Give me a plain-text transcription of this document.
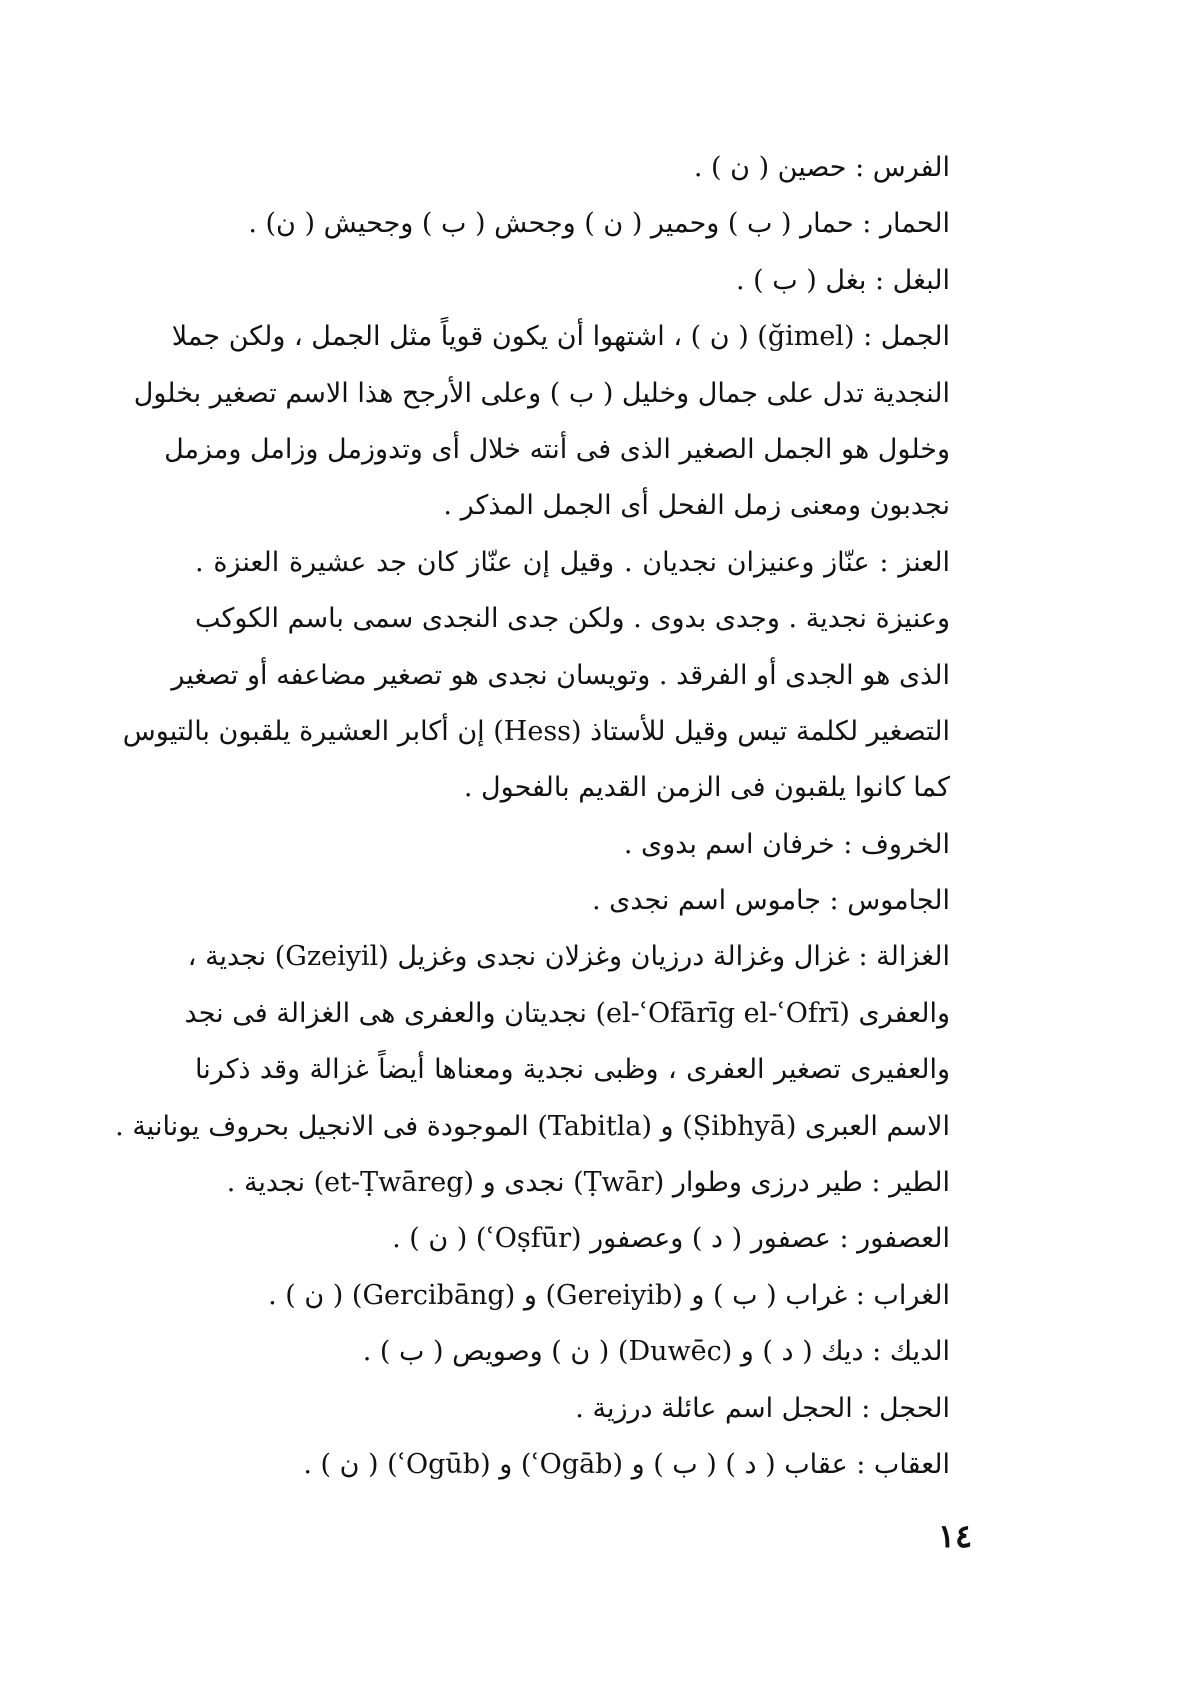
الفرس : حصين ( ن ) .
الحمار : حمار ( ب ) وحمير ( ن ) وجحش ( ب ) وجحيش ( ن) .
البغل : بغل ( ب ) .
الجمل : (ğimel) ( ن ) ، اشتهوا أن يكون قوياً مثل الجمل ، ولكن جملا
النجدية تدل على جمال وخليل ( ب ) وعلى الأرجح هذا الاسم تصغير بخلول
وخلول هو الجمل الصغير الذى فى أنته خلال أى وتدوزمل وزامل ومزمل
نجدبون ومعنى زمل الفحل أى الجمل المذكر .
العنز : عنّاز وعنيزان نجديان . وقيل إن عنّاز كان جد عشيرة العنزة .
وعنيزة نجدية . وجدى بدوى . ولكن جدى النجدى سمى باسم الكوكب
الذى هو الجدى أو الفرقد . وتويسان نجدى هو تصغير مضاعفه أو تصغير
التصغير لكلمة تيس وقيل للأستاذ (Hess) إن أكابر العشيرة يلقبون بالتيوس
كما كانوا يلقبون فى الزمن القديم بالفحول .
الخروف : خرفان اسم بدوى .
الجاموس : جاموس اسم نجدى .
الغزالة : غزال وغزالة درزيان وغزلان نجدى وغزيل (Gzeiyil) نجدية ،
والعفرى (el-ʿOfārīg el-ʿOfrī) نجديتان والعفرى هى الغزالة فى نجد
والعفيرى تصغير العفرى ، وظبى نجدية ومعناها أيضاً غزالة وقد ذكرنا
الاسم العبرى (Ṣibhyā) و (Tabitla) الموجودة فى الانجيل بحروف يونانية .
الطير : طير درزى وطوار (Ṭwār) نجدى و (et-Ṭwāreg) نجدية .
العصفور : عصفور ( د ) وعصفور (ʿOṣfūr) ( ن ) .
الغراب : غراب ( ب ) و (Gereiyib) و (Gercibāng) ( ن ) .
الديك : ديك ( د ) و (Duwēc) ( ن ) وصويص ( ب ) .
الحجل : الحجل اسم عائلة درزية .
العقاب : عقاب ( د ) ( ب ) و (ʿOgāb) و (ʿOgūb) ( ن ) .
١٤
